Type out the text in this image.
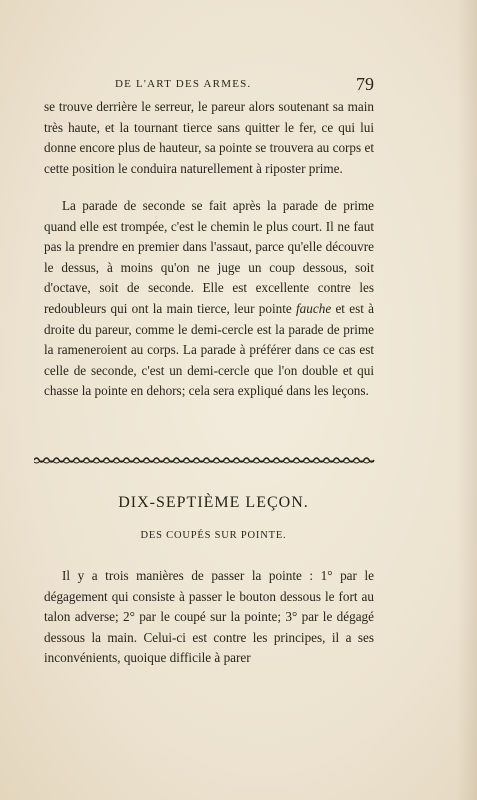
DE L'ART DES ARMES.	79

se trouve derrière le serreur, le pareur alors soutenant sa main très haute, et la tournant tierce sans quitter le fer, ce qui lui donne encore plus de hauteur, sa pointe se trouvera au corps et cette position le conduira naturellement à riposter prime.

La parade de seconde se fait après la parade de prime quand elle est trompée, c'est le chemin le plus court. Il ne faut pas la prendre en premier dans l'assaut, parce qu'elle découvre le dessus, à moins qu'on ne juge un coup dessous, soit d'octave, soit de seconde. Elle est excellente contre les redoubleurs qui ont la main tierce, leur pointe fauche et est à droite du pareur, comme le demi-cercle est la parade de prime la rameneroient au corps. La parade à préférer dans ce cas est celle de seconde, c'est un demi-cercle que l'on double et qui chasse la pointe en dehors; cela sera expliqué dans les leçons.

DIX-SEPTIÈME LEÇON.
DES COUPÉS SUR POINTE.

Il y a trois manières de passer la pointe : 1° par le dégagement qui consiste à passer le bouton dessous le fort au talon adverse; 2° par le coupé sur la pointe; 3° par le dégagé dessous la main. Celui-ci est contre les principes, il a ses inconvénients, quoique difficile à parer
